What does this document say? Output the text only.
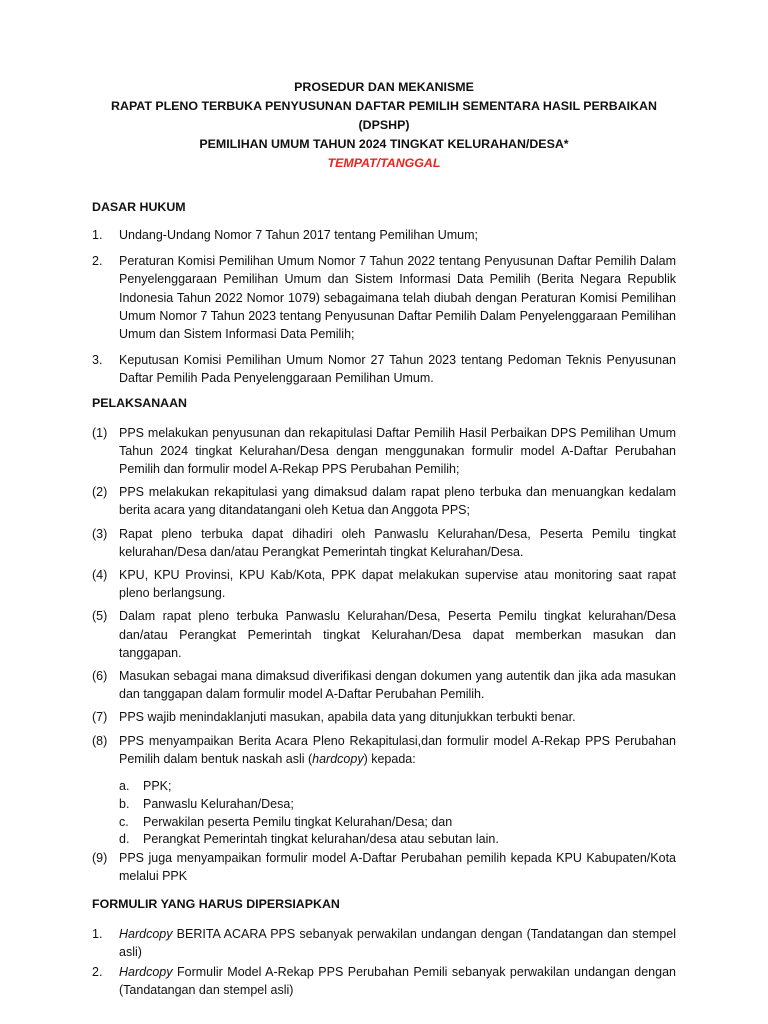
PROSEDUR DAN MEKANISME
RAPAT PLENO TERBUKA PENYUSUNAN DAFTAR PEMILIH SEMENTARA HASIL PERBAIKAN (DPSHP)
PEMILIHAN UMUM TAHUN 2024 TINGKAT KELURAHAN/DESA*
TEMPAT/TANGGAL
DASAR HUKUM
1.	Undang-Undang Nomor 7 Tahun 2017 tentang Pemilihan Umum;
2.	Peraturan Komisi Pemilihan Umum Nomor 7 Tahun 2022 tentang Penyusunan Daftar Pemilih Dalam Penyelenggaraan Pemilihan Umum dan Sistem Informasi Data Pemilih (Berita Negara Republik Indonesia Tahun 2022 Nomor 1079) sebagaimana telah diubah dengan Peraturan Komisi Pemilihan Umum Nomor 7 Tahun 2023 tentang Penyusunan Daftar Pemilih Dalam Penyelenggaraan Pemilihan Umum dan Sistem Informasi Data Pemilih;
3.	Keputusan Komisi Pemilihan Umum Nomor 27 Tahun 2023 tentang Pedoman Teknis Penyusunan Daftar Pemilih Pada Penyelenggaraan Pemilihan Umum.
PELAKSANAAN
(1) PPS melakukan penyusunan dan rekapitulasi Daftar Pemilih Hasil Perbaikan DPS Pemilihan Umum Tahun 2024 tingkat Kelurahan/Desa dengan menggunakan formulir model A-Daftar Perubahan Pemilih dan formulir model A-Rekap PPS Perubahan Pemilih;
(2) PPS melakukan rekapitulasi yang dimaksud dalam rapat pleno terbuka dan menuangkan kedalam berita acara yang ditandatangani oleh Ketua dan Anggota PPS;
(3) Rapat pleno terbuka dapat dihadiri oleh Panwaslu Kelurahan/Desa, Peserta Pemilu tingkat kelurahan/Desa dan/atau Perangkat Pemerintah tingkat Kelurahan/Desa.
(4) KPU, KPU Provinsi, KPU Kab/Kota, PPK dapat melakukan supervise atau monitoring saat rapat pleno berlangsung.
(5) Dalam rapat pleno terbuka Panwaslu Kelurahan/Desa, Peserta Pemilu tingkat kelurahan/Desa dan/atau Perangkat Pemerintah tingkat Kelurahan/Desa dapat memberkan masukan dan tanggapan.
(6) Masukan sebagai mana dimaksud diverifikasi dengan dokumen yang autentik dan jika ada masukan dan tanggapan dalam formulir model A-Daftar Perubahan Pemilih.
(7) PPS wajib menindaklanjuti masukan, apabila data yang ditunjukkan terbukti benar.
(8) PPS menyampaikan Berita Acara Pleno Rekapitulasi,dan formulir model A-Rekap PPS Perubahan Pemilih dalam bentuk naskah asli (hardcopy) kepada:
a.	PPK;
b.	Panwaslu Kelurahan/Desa;
c.	Perwakilan peserta Pemilu tingkat Kelurahan/Desa; dan
d.	Perangkat Pemerintah tingkat kelurahan/desa atau sebutan lain.
(9) PPS juga menyampaikan formulir model A-Daftar Perubahan pemilih kepada KPU Kabupaten/Kota melalui PPK
FORMULIR YANG HARUS DIPERSIAPKAN
1.	Hardcopy BERITA ACARA PPS sebanyak perwakilan undangan dengan (Tandatangan dan stempel asli)
2.	Hardcopy Formulir Model A-Rekap PPS Perubahan Pemili sebanyak perwakilan undangan dengan (Tandatangan dan stempel asli)
